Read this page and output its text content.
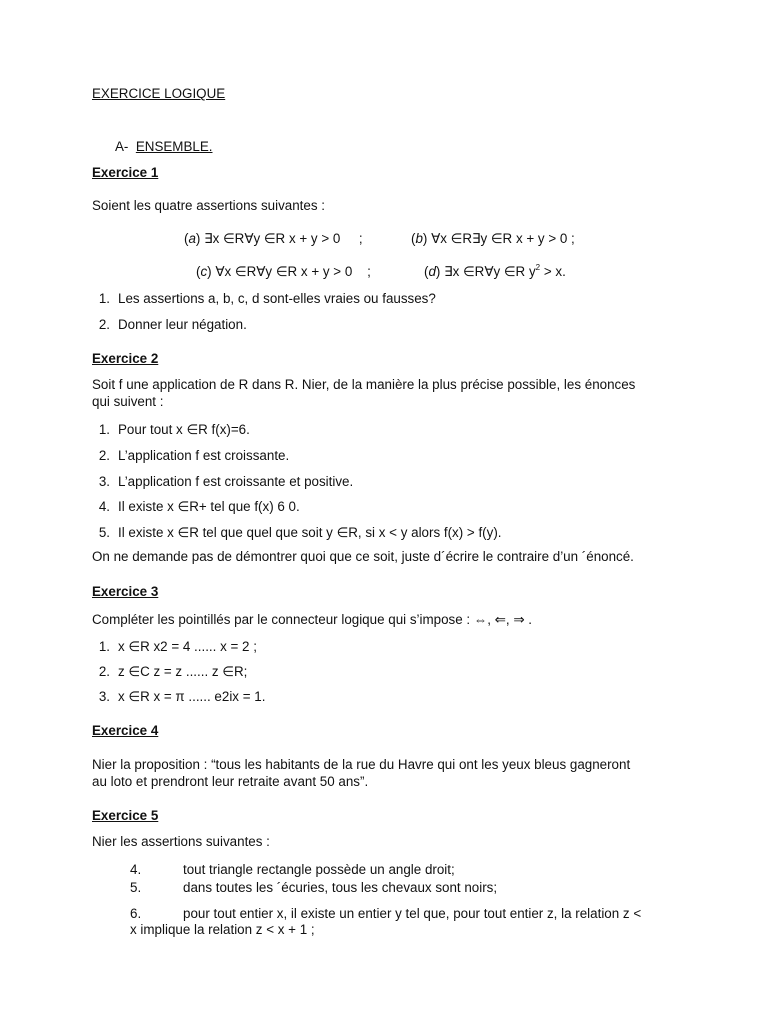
EXERCICE LOGIQUE
A- ENSEMBLE.
Exercice 1
Soient les quatre assertions suivantes :
(a) ∃x ∈R∀y ∈R x + y > 0 ;	(b) ∀x ∈R∃y ∈R x + y > 0 ;
(c) ∀x ∈R∀y ∈R x + y > 0 ;	(d) ∃x ∈R∀y ∈R $y^2 > x$.
1. Les assertions a, b, c, d sont-elles vraies ou fausses?
2. Donner leur négation.
Exercice 2
Soit f une application de R dans R. Nier, de la manière la plus précise possible, les énonces
qui suivent :
1. Pour tout x ∈R f(x)=6.
2. L’application f est croissante.
3. L’application f est croissante et positive.
4. Il existe x ∈R+ tel que f(x) 6 0.
5. Il existe x ∈R tel que quel que soit y ∈R, si x < y alors f(x) > f(y).
On ne demande pas de démontrer quoi que ce soit, juste d´écrire le contraire d’un ´énoncé.
Exercice 3
Compléter les pointillés par le connecteur logique qui s’impose : ⇔, ⇐, ⇒ .
1. x ∈R x2 = 4 ...... x = 2 ;
2. z ∈C z = z ...... z ∈R;
3. x ∈R x = π ...... e2ix = 1.
Exercice 4
Nier la proposition : “tous les habitants de la rue du Havre qui ont les yeux bleus gagneront
au loto et prendront leur retraite avant 50 ans”.
Exercice 5
Nier les assertions suivantes :
4.	tout triangle rectangle possède un angle droit;
5.	dans toutes les ´écuries, tous les chevaux sont noirs;
6.	pour tout entier x, il existe un entier y tel que, pour tout entier z, la relation z <
x implique la relation z < x + 1 ;
